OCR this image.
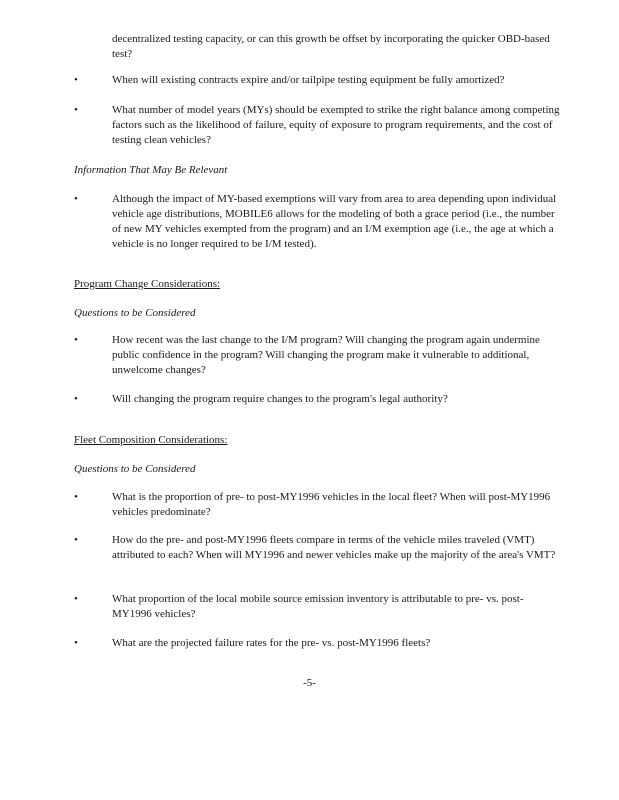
decentralized testing capacity, or can this growth be offset by incorporating the quicker OBD-based test?
•	When will existing contracts expire and/or tailpipe testing equipment be fully amortized?
•	What number of model years (MYs) should be exempted to strike the right balance among competing factors such as the likelihood of failure, equity of exposure to program requirements, and the cost of testing clean vehicles?
Information That May Be Relevant
•	Although the impact of MY-based exemptions will vary from area to area depending upon individual vehicle age distributions, MOBILE6 allows for the modeling of both a grace period (i.e., the number of new MY vehicles exempted from the program) and an I/M exemption age (i.e., the age at which a vehicle is no longer required to be I/M tested).
Program Change Considerations:
Questions to be Considered
•	How recent was the last change to the I/M program? Will changing the program again undermine public confidence in the program? Will changing the program make it vulnerable to additional, unwelcome changes?
•	Will changing the program require changes to the program's legal authority?
Fleet Composition Considerations:
Questions to be Considered
•	What is the proportion of pre- to post-MY1996 vehicles in the local fleet? When will post-MY1996 vehicles predominate?
•	How do the pre- and post-MY1996 fleets compare in terms of the vehicle miles traveled (VMT) attributed to each? When will MY1996 and newer vehicles make up the majority of the area's VMT?
•	What proportion of the local mobile source emission inventory is attributable to pre- vs. post-MY1996 vehicles?
•	What are the projected failure rates for the pre- vs. post-MY1996 fleets?
-5-
